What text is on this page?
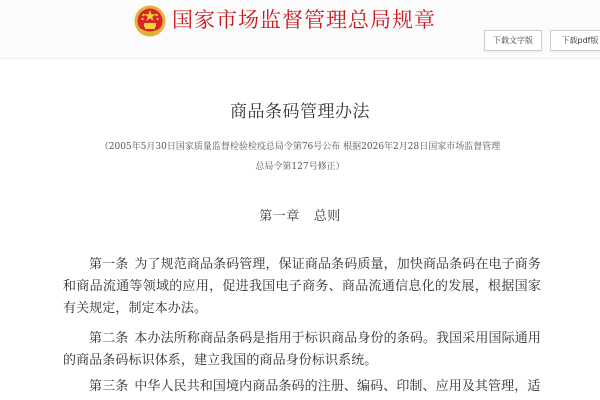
国家市场监督管理总局规章
下载文字版	下载pdf版
商品条码管理办法
（2005年5月30日国家质量监督检验检疫总局令第76号公布 根据2026年2月28日国家市场监督管理
总局令第127号修正）
第一章 总则
第一条 为了规范商品条码管理，保证商品条码质量，加快商品条码在电子商务和商品流通等领域的应用，促进我国电子商务、商品流通信息化的发展，根据国家有关规定，制定本办法。
第二条 本办法所称商品条码是指用于标识商品身份的条码。我国采用国际通用的商品条码标识体系，建立我国的商品身份标识系统。
第三条 中华人民共和国境内商品条码的注册、编码、印制、应用及其管理，适
